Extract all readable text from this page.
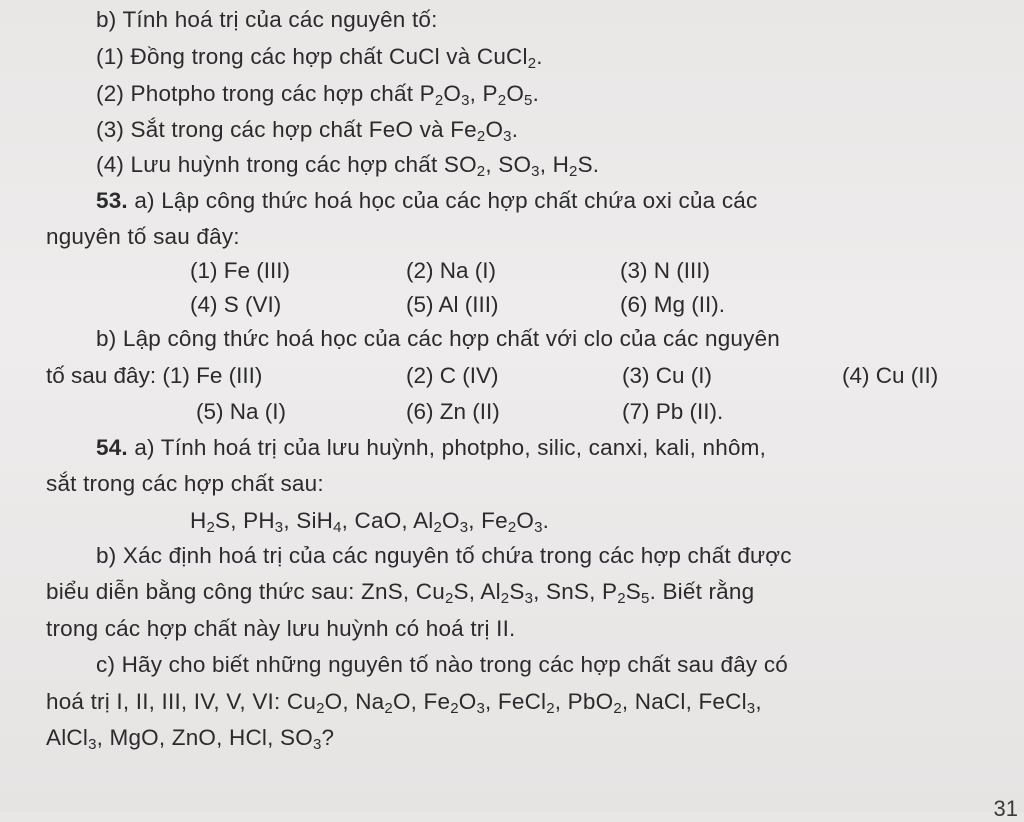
b) Tính hoá trị của các nguyên tố:
(1) Đồng trong các hợp chất CuCl và CuCl$_2$.
(2) Photpho trong các hợp chất $P_2O_3$, $P_2O_5$.
(3) Sắt trong các hợp chất FeO và $Fe_2O_3$.
(4) Lưu huỳnh trong các hợp chất $SO_2$, $SO_3$, $H_2S$.
53. a) Lập công thức hoá học của các hợp chất chứa oxi của các
nguyên tố sau đây:
(1) Fe (III)	(2) Na (I)	(3) N (III)
(4) S (VI)	(5) Al (III)	(6) Mg (II).
b) Lập công thức hoá học của các hợp chất với clo của các nguyên
tố sau đây: (1) Fe (III)	(2) C (IV)	(3) Cu (I)	(4) Cu (II)
(5) Na (I)	(6) Zn (II)	(7) Pb (II).
54. a) Tính hoá trị của lưu huỳnh, photpho, silic, canxi, kali, nhôm,
sắt trong các hợp chất sau:
$H_2S$, $PH_3$, SiH$_4$, CaO, $Al_2O_3$, $Fe_2O_3$.
b) Xác định hoá trị của các nguyên tố chứa trong các hợp chất được
biểu diễn bằng công thức sau: ZnS, $Cu_2S$, $Al_2S_3$, SnS, $P_2S_5$. Biết rằng
trong các hợp chất này lưu huỳnh có hoá trị II.
c) Hãy cho biết những nguyên tố nào trong các hợp chất sau đây có
hoá trị I, II, III, IV, V, VI: $Cu_2O$, $Na_2O$, $Fe_2O_3$, FeCl$_2$, PbO$_2$, NaCl, FeCl$_3$,
AlCl$_3$, MgO, ZnO, HCl, $SO_3$?
31
